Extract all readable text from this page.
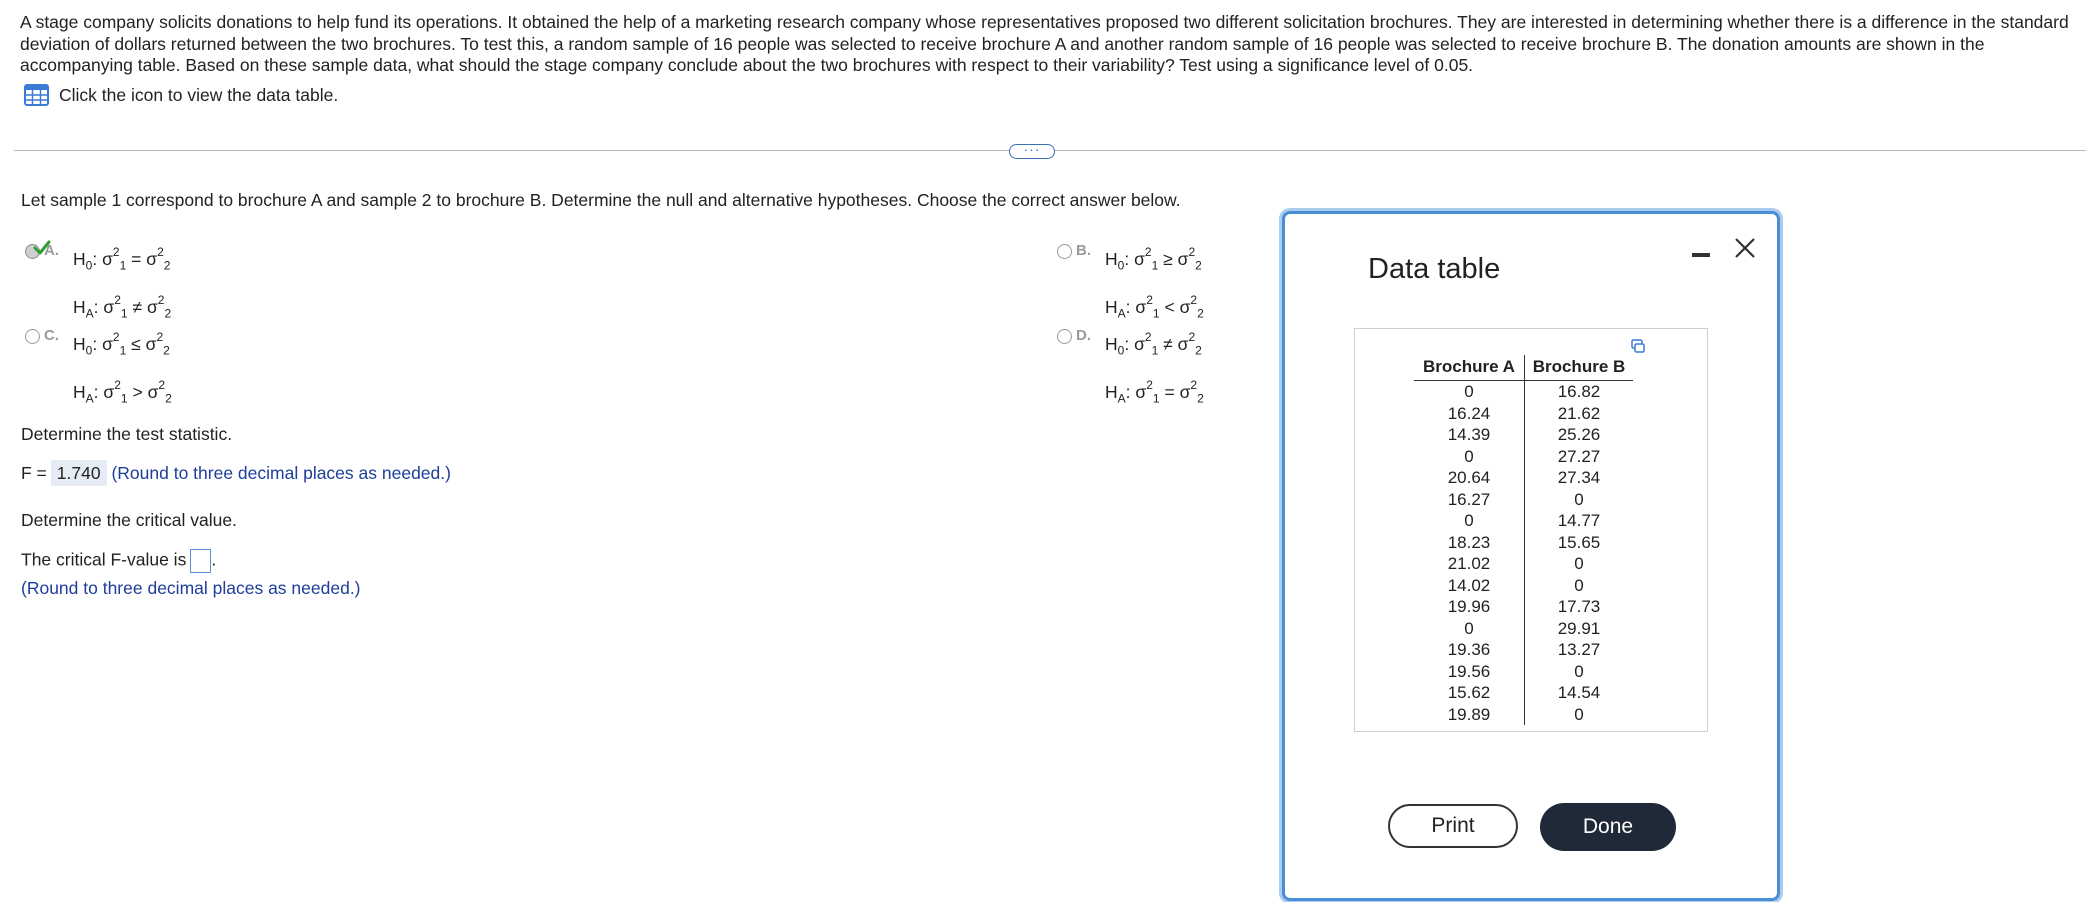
A stage company solicits donations to help fund its operations. It obtained the help of a marketing research company whose representatives proposed two different solicitation brochures. They are interested in determining whether there is a difference in the standard deviation of dollars returned between the two brochures. To test this, a random sample of 16 people was selected to receive brochure A and another random sample of 16 people was selected to receive brochure B. The donation amounts are shown in the accompanying table. Based on these sample data, what should the stage company conclude about the two brochures with respect to their variability? Test using a significance level of 0.05.
Click the icon to view the data table.
···
Let sample 1 correspond to brochure A and sample 2 to brochure B. Determine the null and alternative hypotheses. Choose the correct answer below.
A. $H_0$: $\sigma^2_1 = \sigma^2_2$
$H_A$: $\sigma^2_1 \ne \sigma^2_2$
B. $H_0$: $\sigma^2_1 \ge \sigma^2_2$
$H_A$: $\sigma^2_1 < \sigma^2_2$
C. $H_0$: $\sigma^2_1 \le \sigma^2_2$
$H_A$: $\sigma^2_1 > \sigma^2_2$
D. $H_0$: $\sigma^2_1 \ne \sigma^2_2$
$H_A$: $\sigma^2_1 = \sigma^2_2$
Determine the test statistic.
F = 1.740 (Round to three decimal places as needed.)
Determine the critical value.
The critical F-value is .
(Round to three decimal places as needed.)
Data table
Brochure A	Brochure B
0	16.82
16.24	21.62
14.39	25.26
0	27.27
20.64	27.34
16.27	0
0	14.77
18.23	15.65
21.02	0
14.02	0
19.96	17.73
0	29.91
19.36	13.27
19.56	0
15.62	14.54
19.89	0
Print	Done
